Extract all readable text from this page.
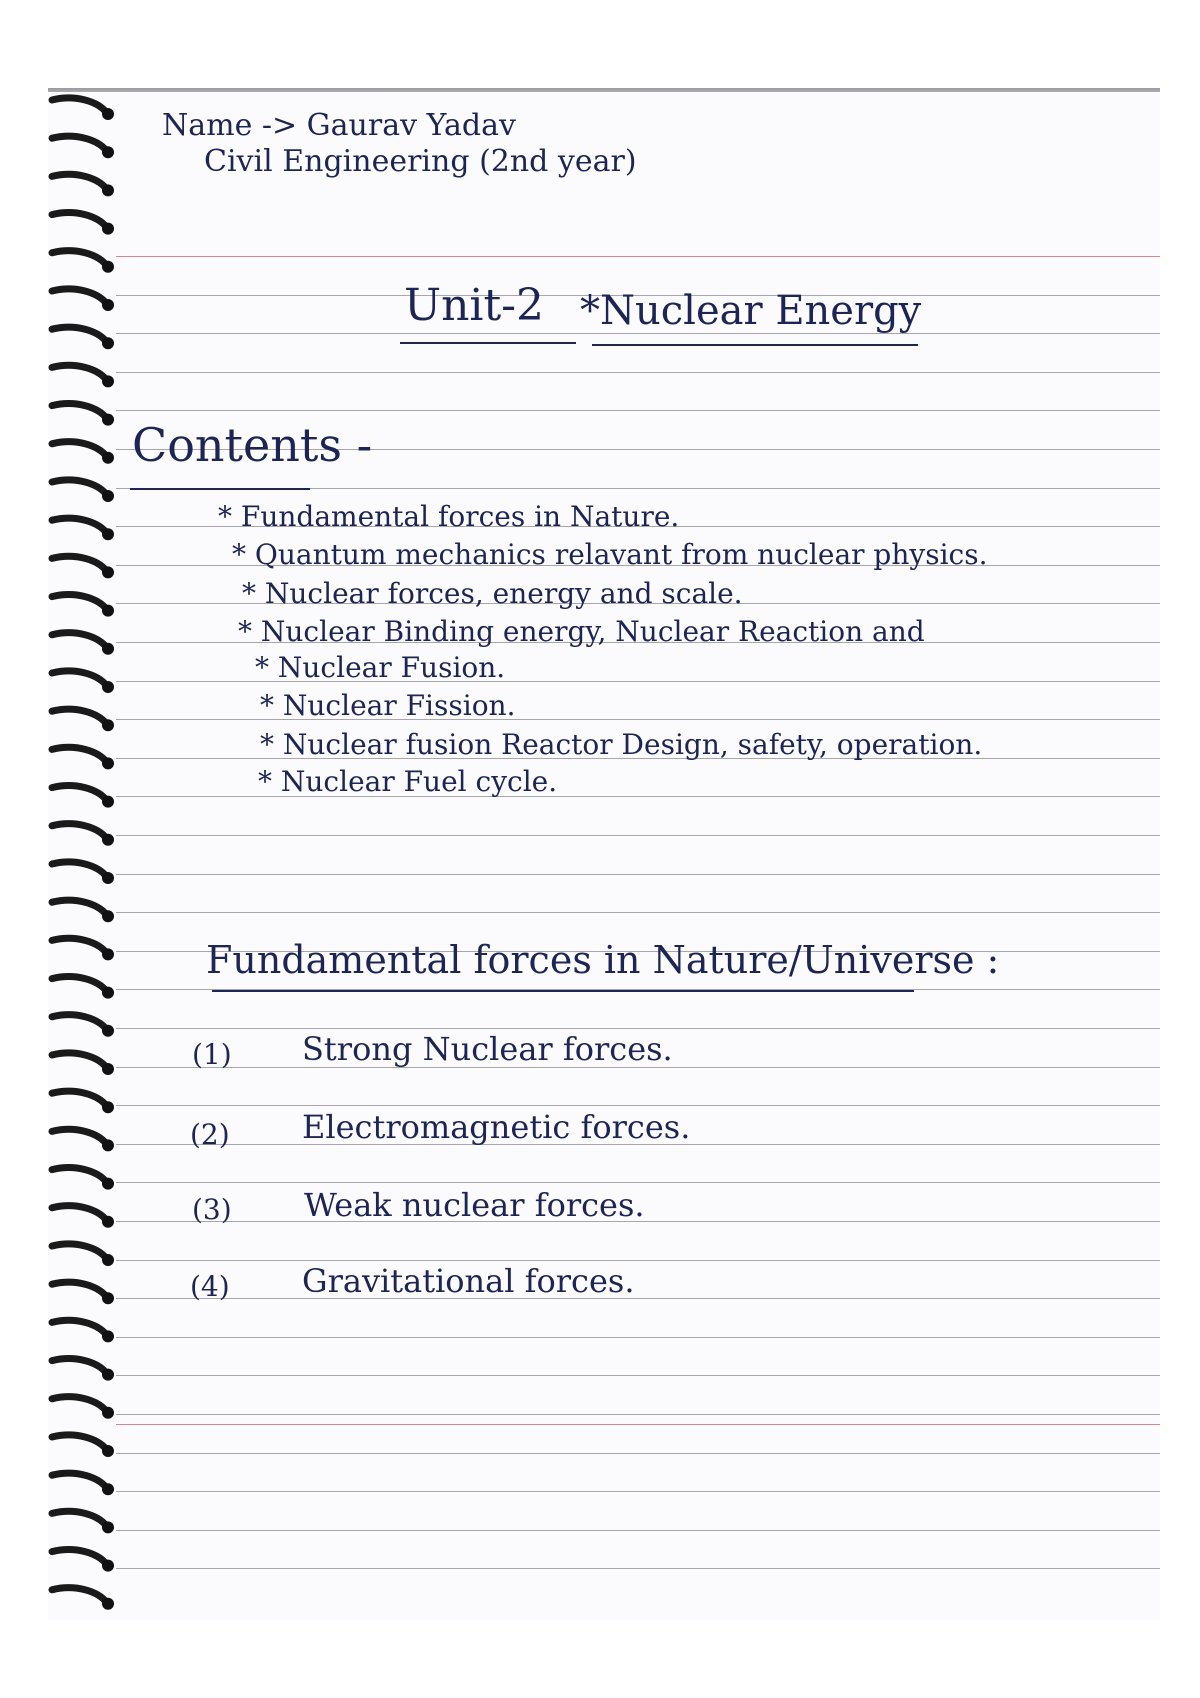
Name -> Gaurav Yadav
Civil Engineering (2nd year)
Unit-2 *Nuclear Energy
Contents -
* Fundamental forces in Nature.
* Quantum mechanics relavant from nuclear physics.
* Nuclear forces, energy and scale.
* Nuclear Binding energy, Nuclear Reaction and
* Nuclear Fusion.
* Nuclear Fission.
* Nuclear fusion Reactor Design, safety, operation.
* Nuclear Fuel cycle.
Fundamental forces in Nature/Universe :
(1) Strong Nuclear forces.
(2) Electromagnetic forces.
(3) Weak nuclear forces.
(4) Gravitational forces.
